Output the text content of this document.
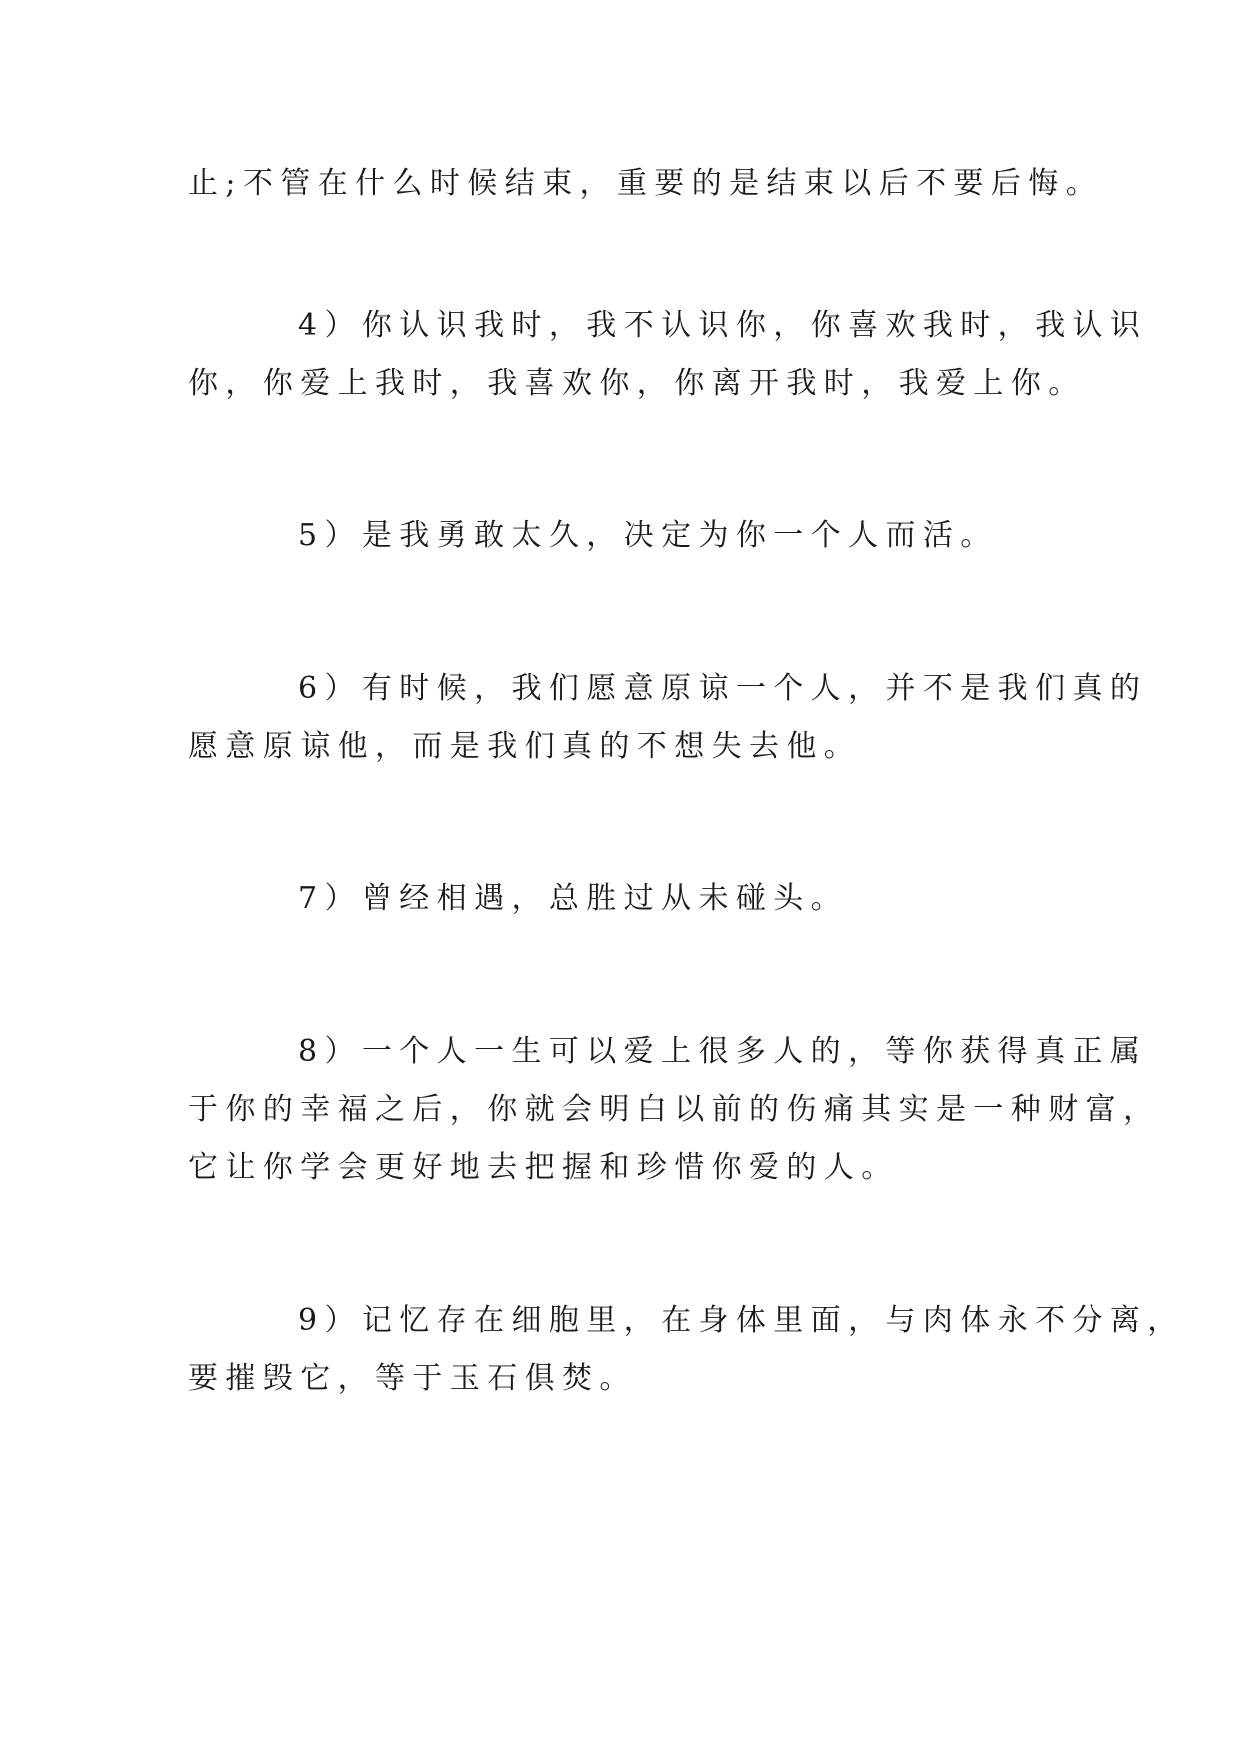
止;不管在什么时候结束，重要的是结束以后不要后悔。

4）你认识我时，我不认识你，你喜欢我时，我认识
你，你爱上我时，我喜欢你，你离开我时，我爱上你。

5）是我勇敢太久，决定为你一个人而活。

6）有时候，我们愿意原谅一个人，并不是我们真的
愿意原谅他，而是我们真的不想失去他。

7）曾经相遇，总胜过从未碰头。

8）一个人一生可以爱上很多人的，等你获得真正属
于你的幸福之后，你就会明白以前的伤痛其实是一种财富，
它让你学会更好地去把握和珍惜你爱的人。

9）记忆存在细胞里，在身体里面，与肉体永不分离，
要摧毁它，等于玉石俱焚。
